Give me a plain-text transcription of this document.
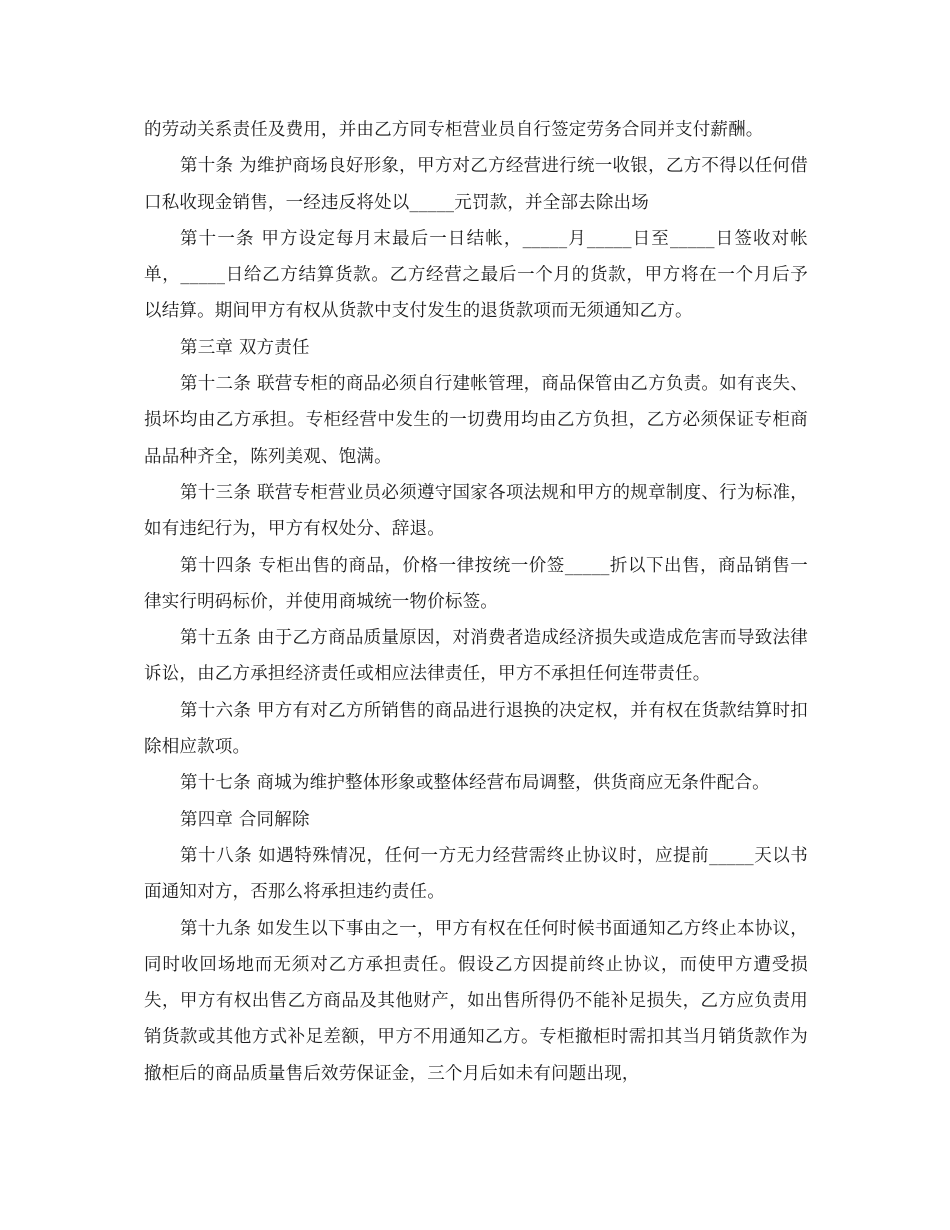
的劳动关系责任及费用，并由乙方同专柜营业员自行签定劳务合同并支付薪酬。

第十条 为维护商场良好形象，甲方对乙方经营进行统一收银，乙方不得以任何借口私收现金销售，一经违反将处以_____元罚款，并全部去除出场

第十一条 甲方设定每月末最后一日结帐，_____月_____日至_____日签收对帐单，_____日给乙方结算货款。乙方经营之最后一个月的货款，甲方将在一个月后予以结算。期间甲方有权从货款中支付发生的退货款项而无须通知乙方。

第三章 双方责任

第十二条 联营专柜的商品必须自行建帐管理，商品保管由乙方负责。如有丧失、损坏均由乙方承担。专柜经营中发生的一切费用均由乙方负担，乙方必须保证专柜商品品种齐全，陈列美观、饱满。

第十三条 联营专柜营业员必须遵守国家各项法规和甲方的规章制度、行为标准，如有违纪行为，甲方有权处分、辞退。

第十四条 专柜出售的商品，价格一律按统一价签_____折以下出售，商品销售一律实行明码标价，并使用商城统一物价标签。

第十五条 由于乙方商品质量原因，对消费者造成经济损失或造成危害而导致法律诉讼，由乙方承担经济责任或相应法律责任，甲方不承担任何连带责任。

第十六条 甲方有对乙方所销售的商品进行退换的决定权，并有权在货款结算时扣除相应款项。

第十七条 商城为维护整体形象或整体经营布局调整，供货商应无条件配合。

第四章 合同解除

第十八条 如遇特殊情况，任何一方无力经营需终止协议时，应提前_____天以书面通知对方，否那么将承担违约责任。

第十九条 如发生以下事由之一，甲方有权在任何时候书面通知乙方终止本协议，同时收回场地而无须对乙方承担责任。假设乙方因提前终止协议，而使甲方遭受损失，甲方有权出售乙方商品及其他财产，如出售所得仍不能补足损失，乙方应负责用销货款或其他方式补足差额，甲方不用通知乙方。专柜撤柜时需扣其当月销货款作为撤柜后的商品质量售后效劳保证金，三个月后如未有问题出现，
